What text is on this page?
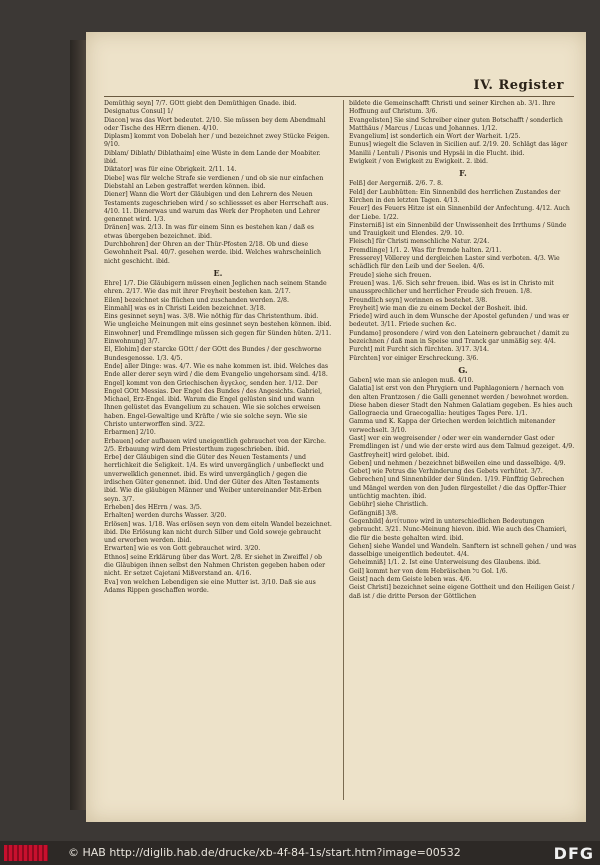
IV. Register
Demüthig seyn] 7/7. GOtt giebt den Demüthigen Gnade. ibid.
Designatus Consul] 1/
Diacon] was das Wort bedeutet. 2/10. Sie müssen bey dem Abendmahl oder Tische des HErrn dienen. 4/10.
Diplasm] kommt von Dobelah her / und bezeichnet zwey Stücke Feigen. 9/10.
Diblam/ Diblath/ Diblathaim] eine Wüste in dem Lande der Moabiter. ibid.
Diktator] was für eine Obrigkeit. 2/11. 14.
Diebe] was für welche Strafe sie verdienen / und ob sie nur einfachen Diebstahl an Leben gestraffet werden können. ibid.
Diener] Wann die Wort der Gläubigen und den Lehrern des Neuen Testaments zugeschrieben wird / so schliessset es aber Herrschaft aus. 4/10. 11. Dienerwas und warum das Werk der Propheten und Lehrer genennet wird. 1/3.
Dränen] was. 2/13. In was für einem Sinn es bestehen kan / daß es etwas übergeben bezeichnet. ibid.
Durchbohren] der Ohren an der Thür-Pfosten 2/18. Ob und diese Gewohnheit Psal. 40/7. gesehen werde. ibid. Welches wahrscheinlich nicht geschicht. ibid.
E.
Ehre] 1/7. Die Gläubigern müssen einen Jeglichen nach seinem Stande ehren. 2/17. Wie das mit ihrer Freyheit bestehen kan. 2/17.
Eilen] bezeichnet sie flüchen und zuschanden werden. 2/8.
Einmahl] was es in Christi Leiden bezeichnet. 3/18.
Eins gesinnet seyn] was. 3/8. Wie nöthig für das Christenthum. ibid. Wie ungleiche Meinungen mit eins gesinnet seyn bestehen können. ibid.
Einwohner] und Fremdlinge müssen sich gegen für Sünden hüten. 2/11.
Einwohnung] 3/7.
El, Elohim] der starcke GOtt / der GOtt des Bundes / der geschworne Bundesgenosse. 1/3. 4/5.
Ende] aller Dinge: was. 4/7. Wie es nahe kommen ist. ibid. Welches das Ende aller derer seyn wird / die dem Evangelio ungehorsam sind. 4/18.
Engel] kommt von den Griechischen ἄγγελος, senden her. 1/12. Der Engel GOtt Messias. Der Engel des Bundes / des Angesichts. Gabriel, Michael, Erz-Engel. ibid. Warum die Engel gelüsten sind und wann Ihnen gelüstet das Evangelium zu schauen. Wie sie solches erweisen haben. Engel-Gewaltige und Kräfte / wie sie solche seyn. Wie sie Christo unterworffen sind. 3/22.
Erbarmen] 2/10.
Erbauen] oder aufbauen wird uneigentlich gebrauchet von der Kirche. 2/5. Erbauung wird dem Priesterthum zugeschrieben. ibid.
Erbe] der Gläubigen sind die Güter des Neuen Testaments / und herrlichkeit die Seligkeit. 1/4. Es wird unvergänglich / unbefleckt und unverwelklich genennet. ibid. Es wird unvergänglich / gegen die irdischen Güter genennet. ibid. Und der Güter des Alten Testaments ibid. Wie die gläubigen Männer und Weiber untereinander Mit-Erben seyn. 3/7.
Erheben] des HErrn / was. 3/5.
Erhalten] werden durchs Wasser. 3/20.
Erlösen] was. 1/18. Was erlösen seyn von dem eiteln Wandel bezeichnet. ibid. Die Erlösung kan nicht durch Silber und Gold soweje gebraucht und erworben werden. ibid.
Erwarten] wie es von Gott gebrauchet wird. 3/20.
Ethnos] seine Erklärung über das Wort. 2/8. Er siehet in Zweiffel / ob die Gläubigen ihnen selbst den Nahmen Christen gegeben haben oder nicht. Er setzet Cajetani Mißverstand an. 4/16.
Eva] von welchen Lebendigen sie eine Mutter ist. 3/10. Daß sie aus Adams Rippen geschaffen worde.
bildete die Gemeinschafft Christi und seiner Kirchen ab. 3/1. Ihre Hoffnung auf Christum. 3/6.
Evangelisten] Sie sind Schreiber einer guten Botschafft / sonderlich Matthäus / Marcus / Lucas und Johannes. 1/12.
Evangelium] ist sonderlich ein Wort der Warheit. 1/25.
Eunus] wiegelt die Sclaven in Sicilien auf. 2/19. 20. Schlägt das läger Manilii / Lentuli / Pisonis und Hypsäi in die Flucht. ibid.
Ewigkeit / von Ewigkeit zu Ewigkeit. 2. ibid.
F.
Felß] der Aergerniß. 2/6. 7. 8.
Feld] der Laubhütten: Ein Sinnenbild des herrlichen Zustandes der Kirchen in den letzten Tagen. 4/13.
Feuer] des Feuers Hitze ist ein Sinnenbild der Anfechtung. 4/12. Auch der Liebe. 1/22.
Finsterniß] ist ein Sinnenbild der Unwissenheit des Irrthums / Sünde und Trauigkeit und Elendes. 2/9. 10.
Fleisch] für Christi menschliche Natur. 2/24.
Fremdlinge] 1/1. 2. Was für fremde halten. 2/11.
Fresserey] Völlerey und dergleichen Laster sind verboten. 4/3. Wie schädlich für den Leib und der Seelen. 4/6.
Freude] siehe sich freuen.
Freuen] was. 1/6. Sich sehr freuen. ibid. Was es ist in Christo mit unaussprechlicher und herrlicher Freude sich freuen. 1/8.
Freundlich seyn] worinnen es bestehet. 3/8.
Freyheit] wie man die zu einem Deckel der Bosheit. ibid.
Friede] wird auch in dem Wunsche der Apostel gefunden / und was er bedeutet. 3/11. Friede suchen &c.
Fundamo] prosondere / wird von den Lateinern gebrauchet / damit zu bezeichnen / daß man in Speise und Tranck gar unmäßig sey. 4/4.
Furcht] mit Furcht sich fürchten. 3/17. 3/14.
Fürchten] vor einiger Erschreckung. 3/6.
G.
Gaben] wie man sie anlegen muß. 4/10.
Galatia] ist erst von den Phrygiern und Paphlagoniern / hernach von den alten Frantzosen / die Galli genennet werden / bewohnet worden. Diese haben dieser Stadt den Nahmen Galatiam gegeben. Es hies auch Gallograecia und Graecogallia: heutiges Tages Pere. 1/1.
Gamma und K. Kappa der Griechen werden leichtlich mitenander verwechselt. 3/10.
Gast] wer ein wegreisender / oder wer ein wandernder Gast oder Fremdlingen ist / und wie der erste wird aus dem Talmud gezeiget. 4/9.
Gastfreyheit] wird gelobet. ibid.
Geben] und nehmen / bezeichnet bißweilen eine und dasselbige. 4/9.
Gebet] wie Petrus die Verhinderung des Gebets verhütet. 3/7.
Gebrechen] und Sinnenbilder der Sünden. 1/19. Fünffzig Gebrechen und Mängel werden von den Juden fürgestellet / die das Opffer-Thier untüchtig machten. ibid.
Gebühr] siehe Christlich.
Gefängniß] 3/8.
Gegenbild] ἀντίτυπον wird in unterschiedlichen Bedeutungen gebraucht. 3/21. Nunc-Meinung hievon. ibid. Wie auch des Chamieri, die für die beste gehalten wird. ibid.
Gehen] siehe Wandel und Wandeln. Sanftern ist schnell gehen / und was dasselbige uneigentlich bedeutet. 4/4.
Geheimniß] 1/1. 2. Ist eine Unterweisung des Glaubens. ibid.
Geil] kommt her von dem Hebräischen גול Gol. 1/6.
Geist] nach dem Geiste leben was. 4/6.
Geist Christi] bezeichnet seine eigene Gottheit und den Heiligen Geist / daß ist / die dritte Person der Göttlichen
© HAB http://diglib.hab.de/drucke/xb-4f-84-1s/start.htm?image=00532	DFG
